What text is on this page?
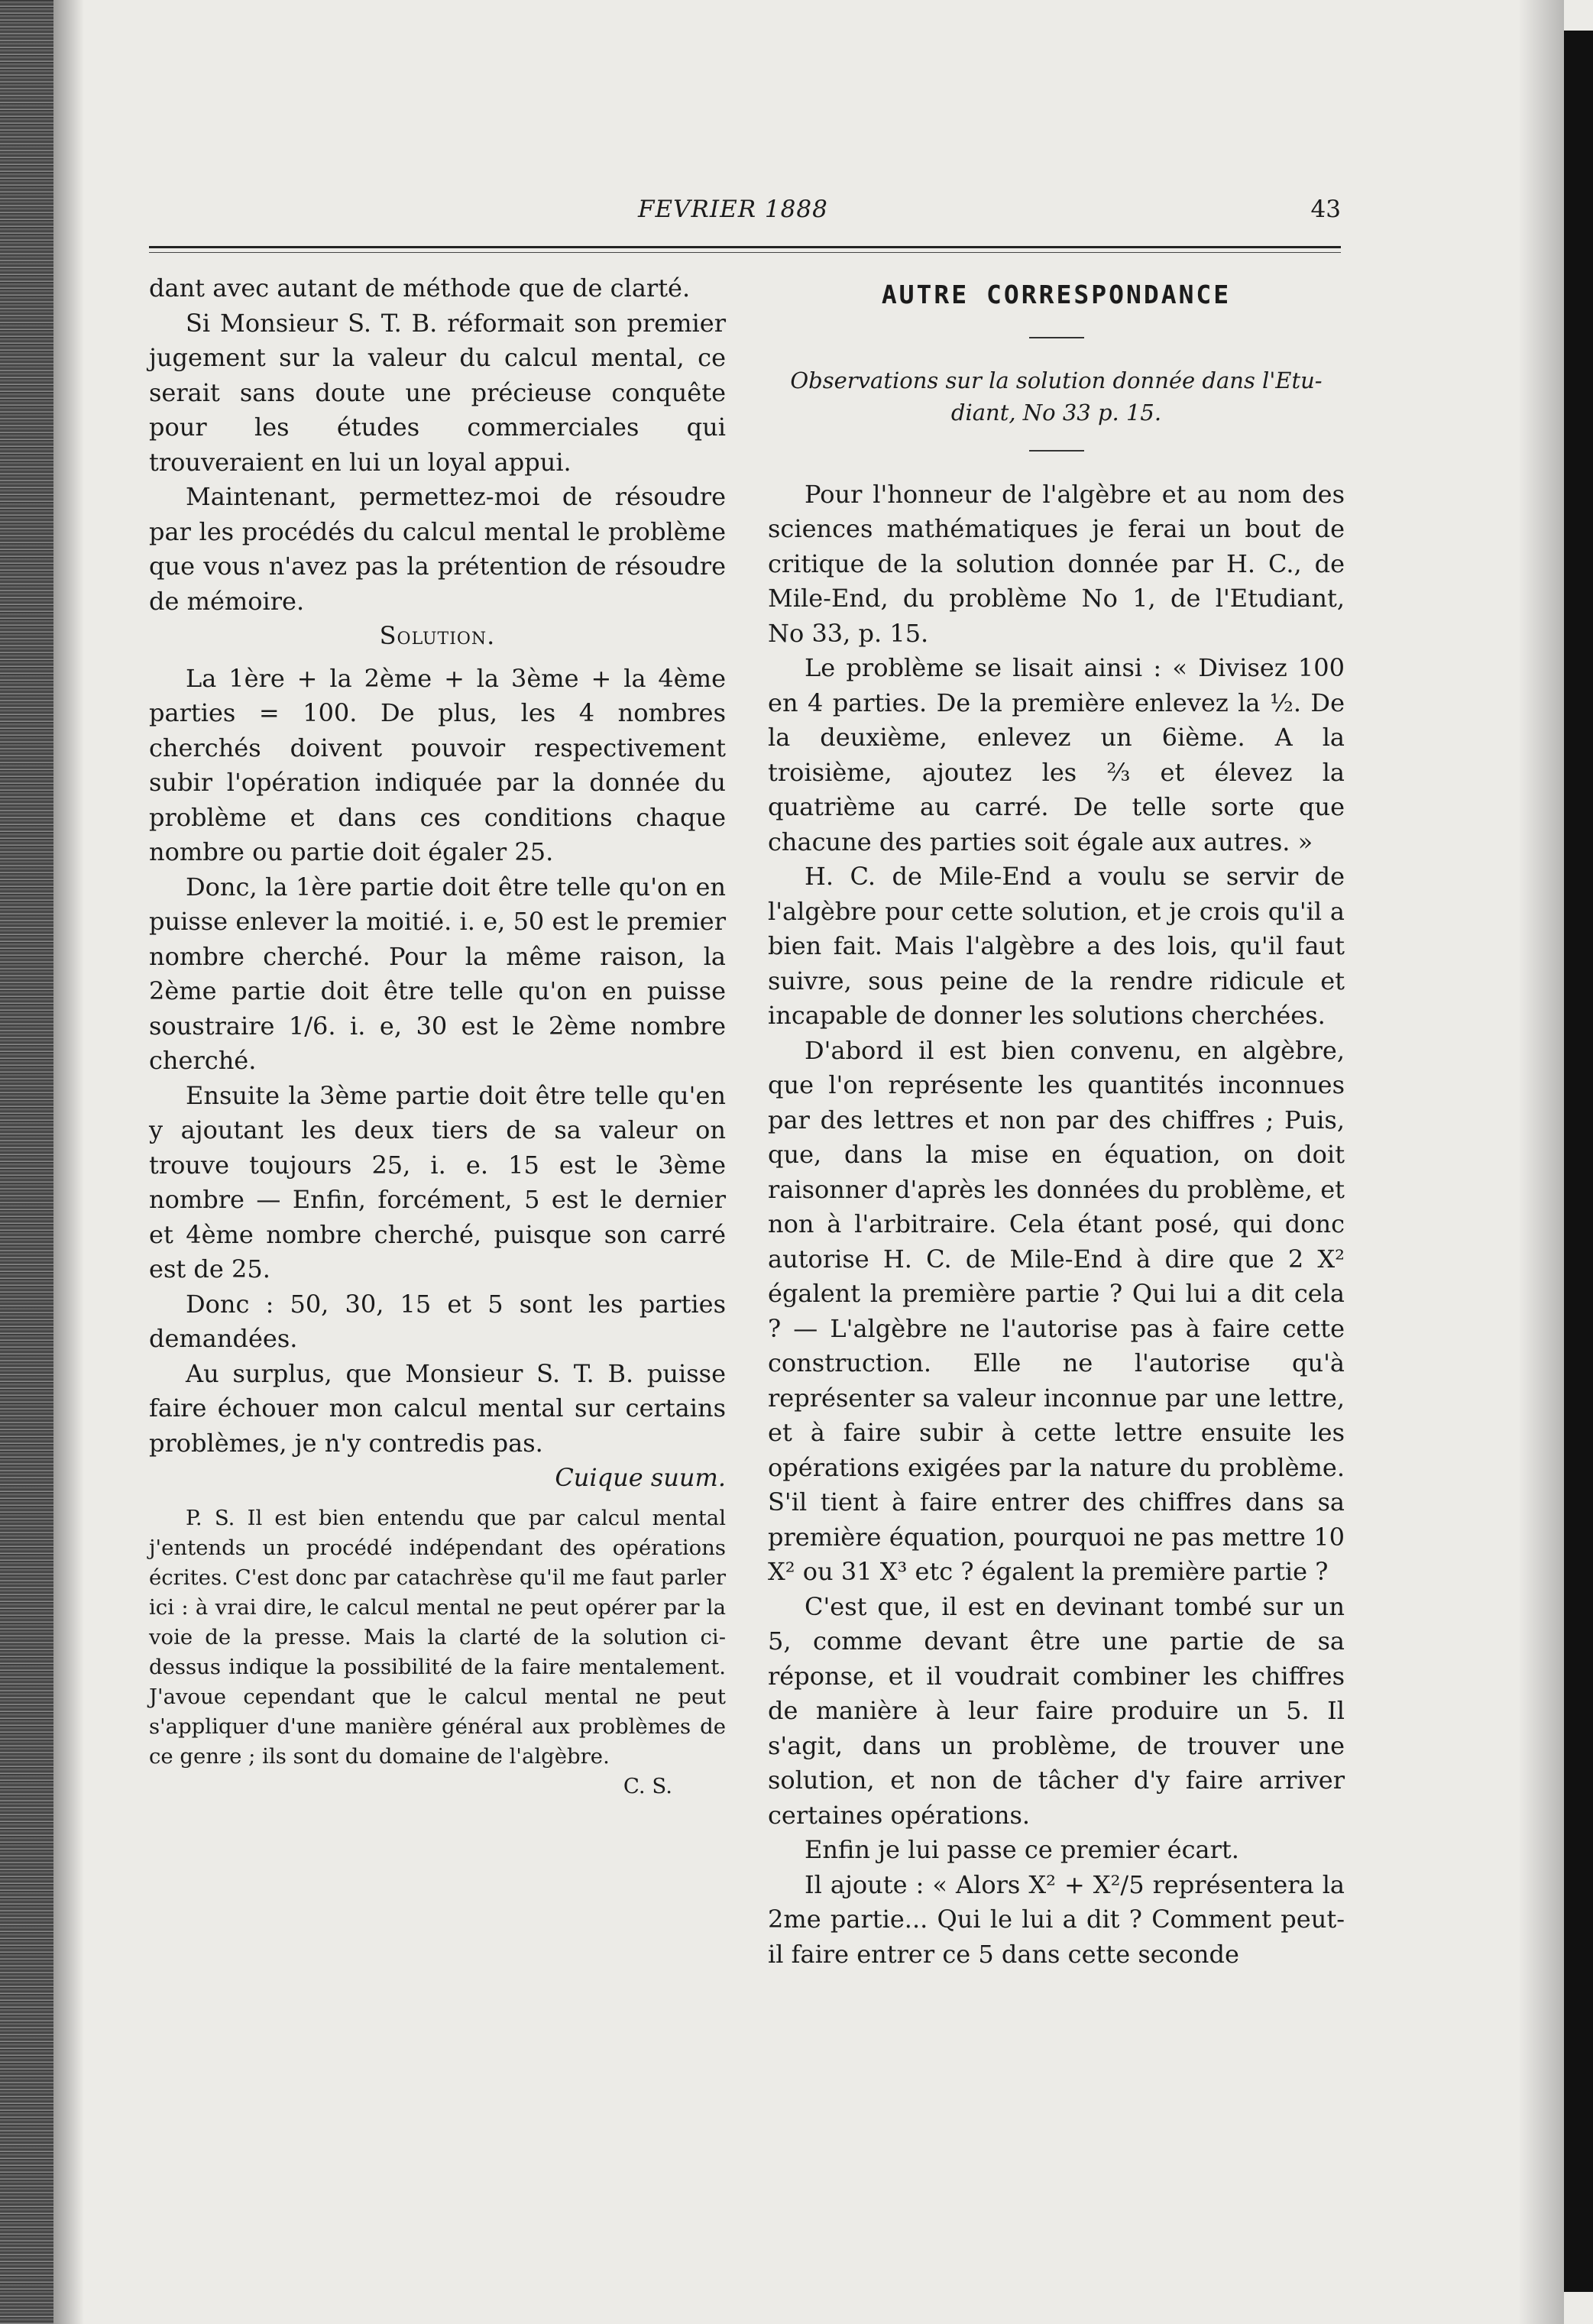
FEVRIER 1888	43

dant avec autant de méthode que de clarté.

Si Monsieur S. T. B. réformait son premier jugement sur la valeur du calcul mental, ce serait sans doute une précieuse conquête pour les études commerciales qui trouveraient en lui un loyal appui.

Maintenant, permettez-moi de résoudre par les procédés du calcul mental le problème que vous n'avez pas la prétention de résoudre de mémoire.

Solution.

La 1ère + la 2ème + la 3ème + la 4ème parties = 100. De plus, les 4 nombres cherchés doivent pouvoir respectivement subir l'opération indiquée par la donnée du problème et dans ces conditions chaque nombre ou partie doit égaler 25.

Donc, la 1ère partie doit être telle qu'on en puisse enlever la moitié. i. e, 50 est le premier nombre cherché. Pour la même raison, la 2ème partie doit être telle qu'on en puisse soustraire 1/6. i. e, 30 est le 2ème nombre cherché.

Ensuite la 3ème partie doit être telle qu'en y ajoutant les deux tiers de sa valeur on trouve toujours 25, i. e. 15 est le 3ème nombre — Enfin, forcément, 5 est le dernier et 4ème nombre cherché, puisque son carré est de 25.

Donc : 50, 30, 15 et 5 sont les parties demandées.

Au surplus, que Monsieur S. T. B. puisse faire échouer mon calcul mental sur certains problèmes, je n'y contredis pas.

Cuique suum.

P. S. Il est bien entendu que par calcul mental j'entends un procédé indépendant des opérations écrites. C'est donc par catachrèse qu'il me faut parler ici : à vrai dire, le calcul mental ne peut opérer par la voie de la presse. Mais la clarté de la solution ci-dessus indique la possibilité de la faire mentalement. J'avoue cependant que le calcul mental ne peut s'appliquer d'une manière général aux problèmes de ce genre ; ils sont du domaine de l'algèbre.

C. S.

AUTRE CORRESPONDANCE
Observations sur la solution donnée dans l'Etu-
diant, No 33 p. 15.

Pour l'honneur de l'algèbre et au nom des sciences mathématiques je ferai un bout de critique de la solution donnée par H. C., de Mile-End, du problème No 1, de l'Etudiant, No 33, p. 15.

Le problème se lisait ainsi : « Divisez 100 en 4 parties. De la première enlevez la ½. De la deuxième, enlevez un 6ième. A la troisième, ajoutez les ⅔ et élevez la quatrième au carré. De telle sorte que chacune des parties soit égale aux autres. »

H. C. de Mile-End a voulu se servir de l'algèbre pour cette solution, et je crois qu'il a bien fait. Mais l'algèbre a des lois, qu'il faut suivre, sous peine de la rendre ridicule et incapable de donner les solutions cherchées.

D'abord il est bien convenu, en algèbre, que l'on représente les quantités inconnues par des lettres et non par des chiffres ; Puis, que, dans la mise en équation, on doit raisonner d'après les données du problème, et non à l'arbitraire. Cela étant posé, qui donc autorise H. C. de Mile-End à dire que 2 X² égalent la première partie ? Qui lui a dit cela ? — L'algèbre ne l'autorise pas à faire cette construction. Elle ne l'autorise qu'à représenter sa valeur inconnue par une lettre, et à faire subir à cette lettre ensuite les opérations exigées par la nature du problème. S'il tient à faire entrer des chiffres dans sa première équation, pourquoi ne pas mettre 10 X² ou 31 X³ etc ? égalent la première partie ?

C'est que, il est en devinant tombé sur un 5, comme devant être une partie de sa réponse, et il voudrait combiner les chiffres de manière à leur faire produire un 5. Il s'agit, dans un problème, de trouver une solution, et non de tâcher d'y faire arriver certaines opérations.

Enfin je lui passe ce premier écart.

Il ajoute : « Alors X² + X²/5 représentera la 2me partie... Qui le lui a dit ? Comment peut-il faire entrer ce 5 dans cette seconde
